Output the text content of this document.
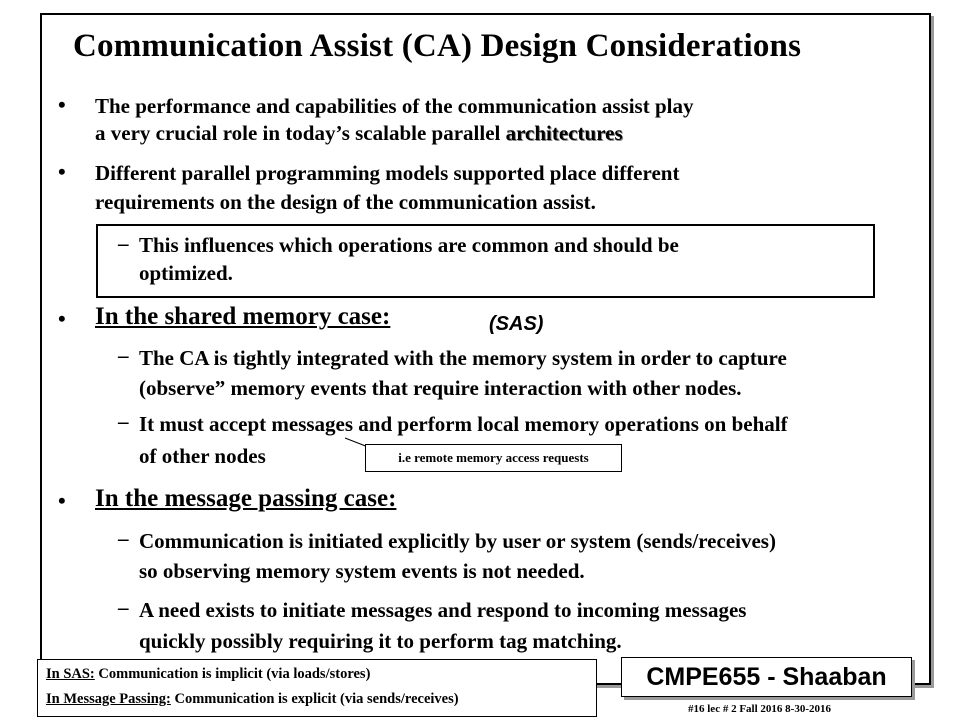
Communication Assist (CA) Design Considerations
• The performance and capabilities of the communication assist play
a very crucial role in today’s scalable parallel architectures
• Different parallel programming models supported place different
requirements on the design of the communication assist.
– This influences which operations are common and should be
optimized.
• In the shared memory case:	(SAS)
– The CA is tightly integrated with the memory system in order to capture
(observe” memory events that require interaction with other nodes.
– It must accept messages and perform local memory operations on behalf
of other nodes	i.e remote memory access requests
• In the message passing case:
– Communication is initiated explicitly by user or system (sends/receives)
so observing memory system events is not needed.
– A need exists to initiate messages and respond to incoming messages
quickly possibly requiring it to perform tag matching.
In SAS: Communication is implicit (via loads/stores)
In Message Passing: Communication is explicit (via sends/receives)
CMPE655 - Shaaban
#16 lec # 2 Fall 2016 8-30-2016
